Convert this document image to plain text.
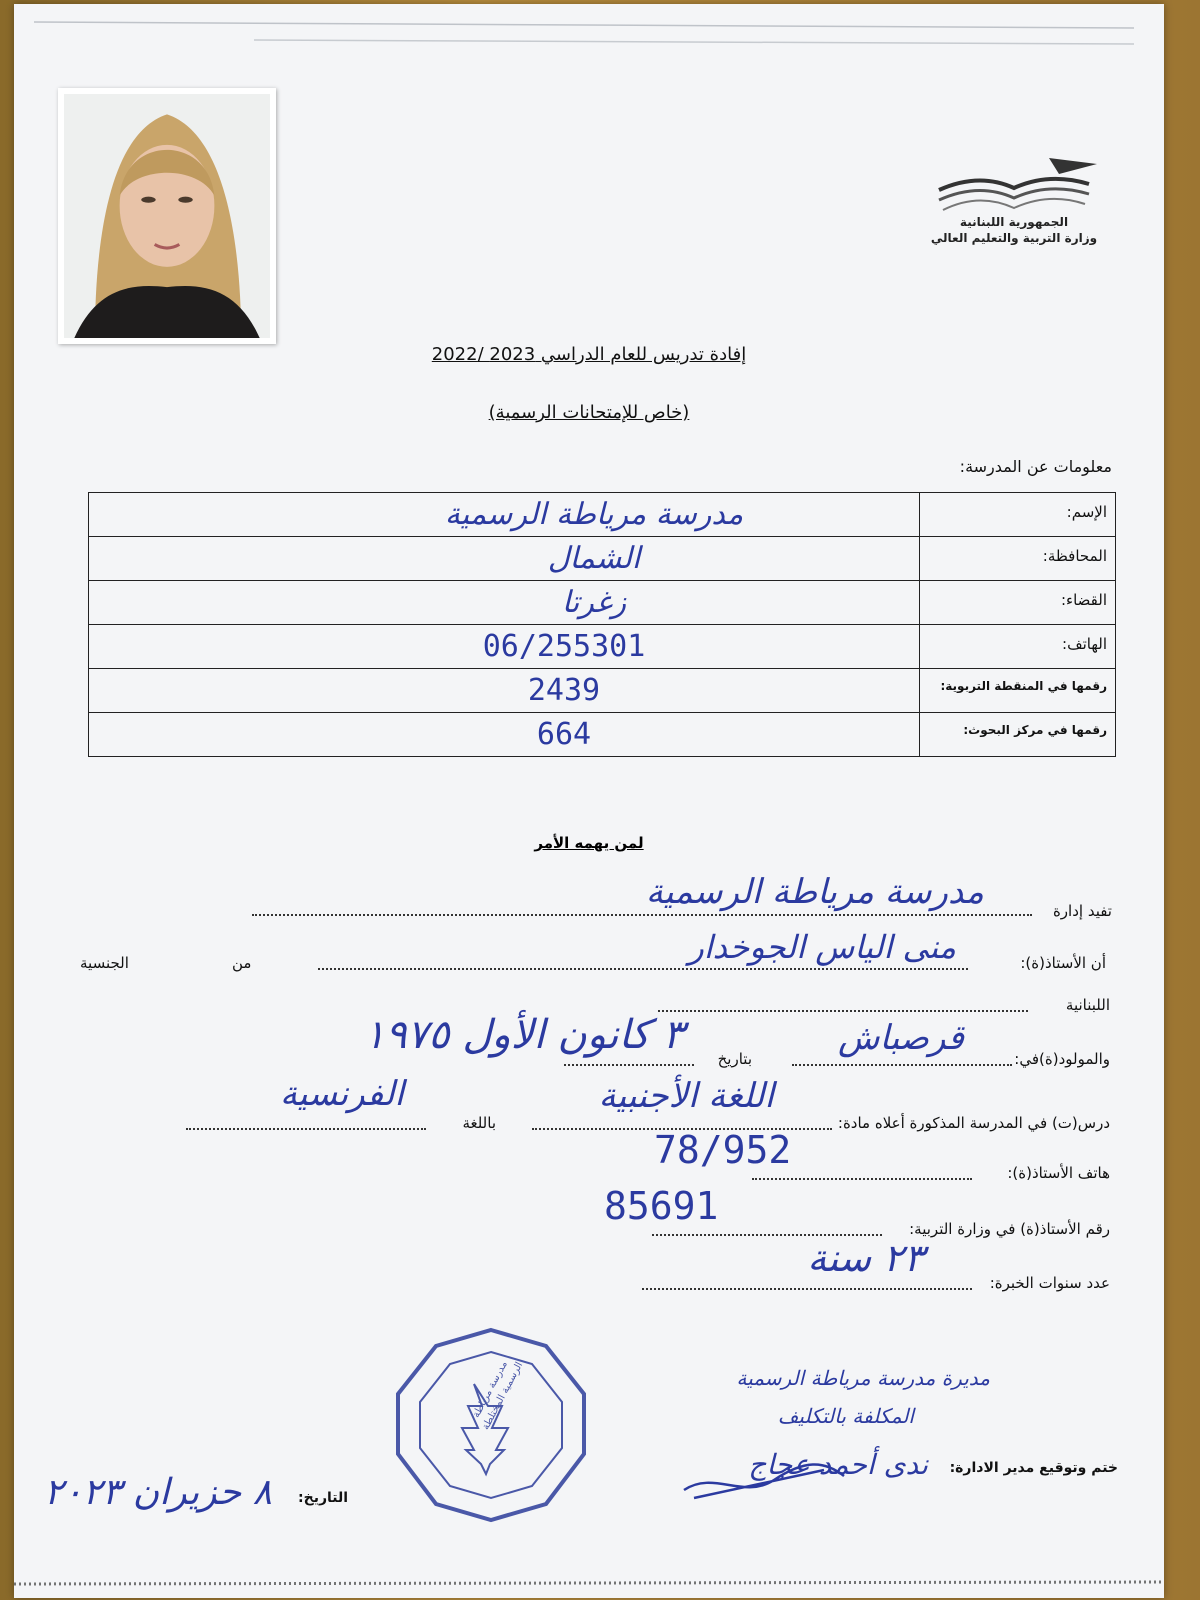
الجمهورية اللبنانية
وزارة التربية والتعليم العالي
إفادة تدريس للعام الدراسي 2023 /2022
(خاص للإمتحانات الرسمية)
معلومات عن المدرسة:
مدرسة مرياطة الرسمية	الإسم:
الشمال	المحافظة:
زغرتا	القضاء:
06/255301	الهاتف:
2439	رقمها في المنقطة التربوية:
664	رقمها في مركز البحوث:
لمن يهمه الأمر
تفيد إدارة
مدرسة مرياطة الرسمية
أن الأستاذ(ة):
منى الياس الجوخدار
من
الجنسية
اللبنانية
والمولود(ة)في:
قرصباش
بتاريخ
٣ كانون الأول ١٩٧٥
درس(ت) في المدرسة المذكورة أعلاه مادة:
اللغة الأجنبية
باللغة
الفرنسية
هاتف الأستاذ(ة):
78/952
رقم الأستاذ(ة) في وزارة التربية:
85691
عدد سنوات الخبرة:
٢٣ سنة
مدرسة مرياطة الرسمية المختلطة	مديرة مدرسة مرياطة الرسمية
المكلفة بالتكليف
ختم وتوقيع مدير الادارة:
ندى أحمد عجاج
التاريخ:
٨ حزيران ٢٠٢٣
